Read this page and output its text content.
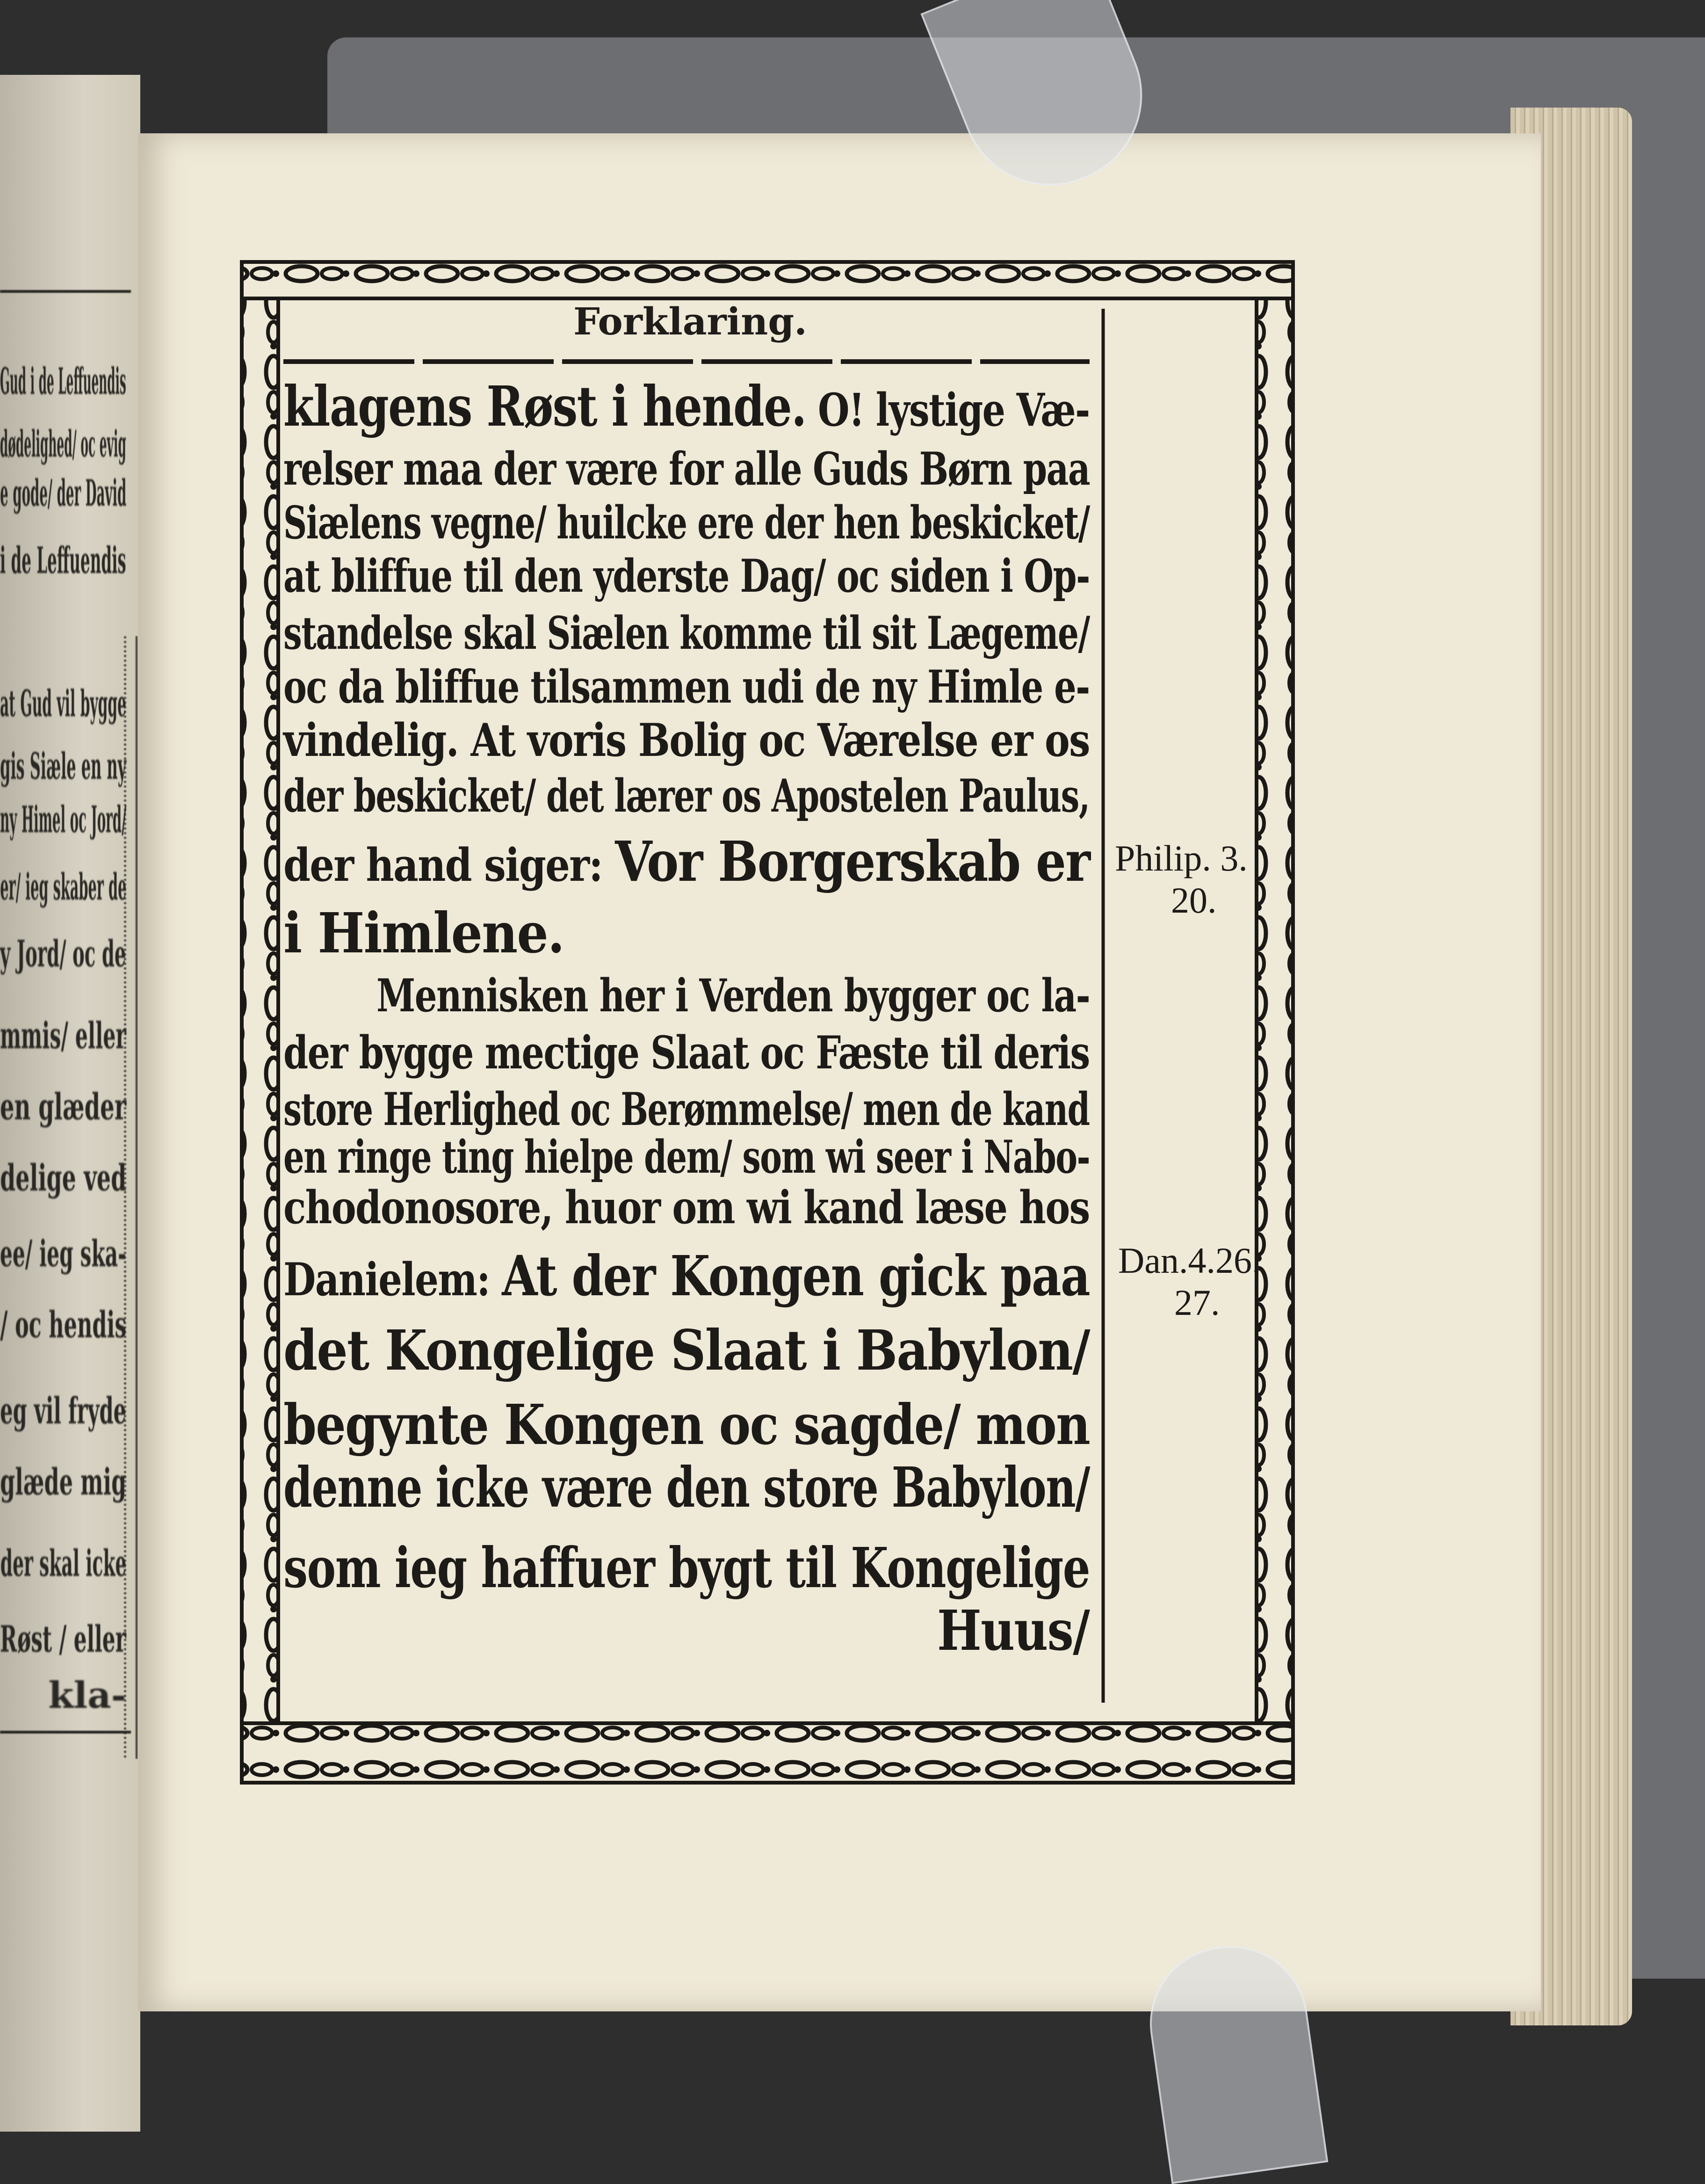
Gud i de Leffuendis
dødelighed/ oc evig
e gode/ der David
i de Leffuendis
at Gud vil bygge
gis Siæle en ny
ny Himel oc Jord/
er/ ieg skaber de
y Jord/ oc de
mmis/ eller
en glæder
delige ved
ee/ ieg ska-
/ oc hendis
eg vil fryde
glæde mig
der skal icke
Røst / eller
kla-
Forklaring.
klagens Røst i hende. O! lystige Væ-
relser maa der være for alle Guds Børn paa
Siælens vegne/ huilcke ere der hen beskicket/
at bliffue til den yderste Dag/ oc siden i Op-
standelse skal Siælen komme til sit Lægeme/
oc da bliffue tilsammen udi de ny Himle e-
vindelig. At voris Bolig oc Værelse er os
der beskicket/ det lærer os Apostelen Paulus,
der hand siger: Vor Borgerskab er
i Himlene.
Mennisken her i Verden bygger oc la-
der bygge mectige Slaat oc Fæste til deris
store Herlighed oc Berømmelse/ men de kand
en ringe ting hielpe dem/ som wi seer i Nabo-
chodonosore, huor om wi kand læse hos
Danielem: At der Kongen gick paa
det Kongelige Slaat i Babylon/
begynte Kongen oc sagde/ mon
denne icke være den store Babylon/
som ieg haffuer bygt til Kongelige
Huus/
Philip. 3.
20.
Dan.4.26.
27.
